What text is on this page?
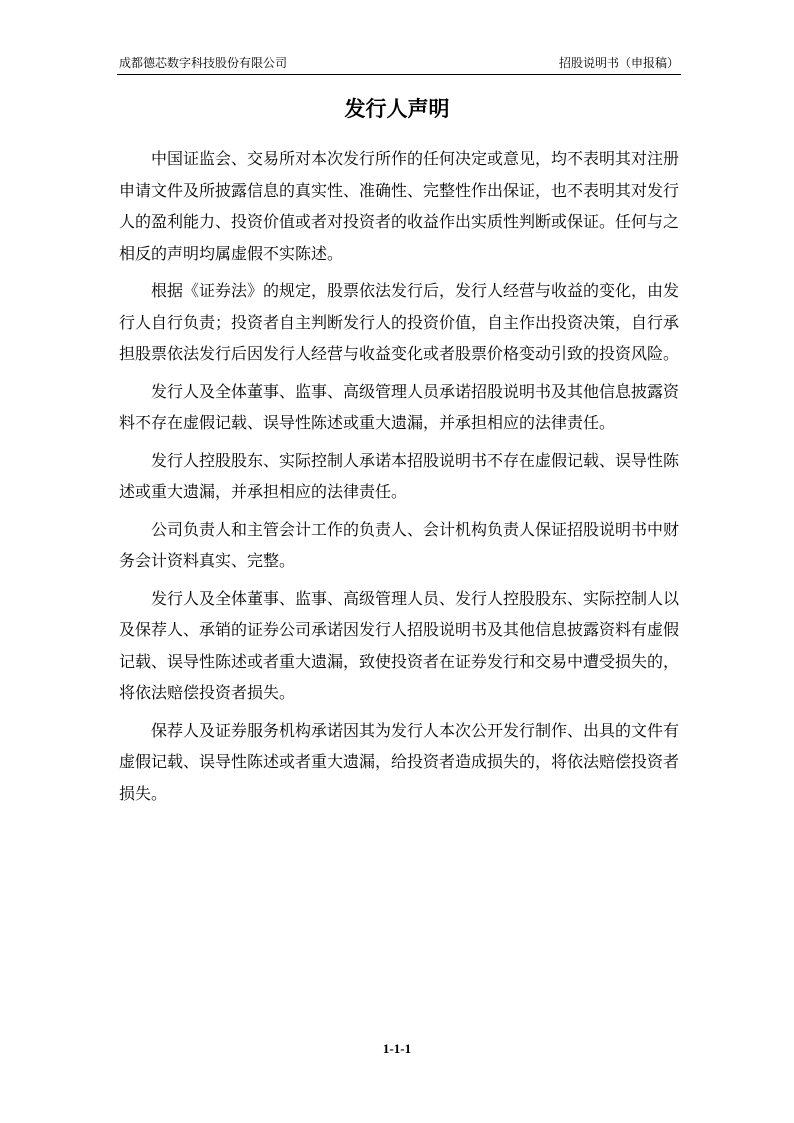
成都德芯数字科技股份有限公司	招股说明书（申报稿）
发行人声明

中国证监会、交易所对本次发行所作的任何决定或意见，均不表明其对注册申请文件及所披露信息的真实性、准确性、完整性作出保证，也不表明其对发行人的盈利能力、投资价值或者对投资者的收益作出实质性判断或保证。任何与之相反的声明均属虚假不实陈述。

根据《证券法》的规定，股票依法发行后，发行人经营与收益的变化，由发行人自行负责；投资者自主判断发行人的投资价值，自主作出投资决策，自行承担股票依法发行后因发行人经营与收益变化或者股票价格变动引致的投资风险。

发行人及全体董事、监事、高级管理人员承诺招股说明书及其他信息披露资料不存在虚假记载、误导性陈述或重大遗漏，并承担相应的法律责任。

发行人控股股东、实际控制人承诺本招股说明书不存在虚假记载、误导性陈述或重大遗漏，并承担相应的法律责任。

公司负责人和主管会计工作的负责人、会计机构负责人保证招股说明书中财务会计资料真实、完整。

发行人及全体董事、监事、高级管理人员、发行人控股股东、实际控制人以及保荐人、承销的证券公司承诺因发行人招股说明书及其他信息披露资料有虚假记载、误导性陈述或者重大遗漏，致使投资者在证券发行和交易中遭受损失的，将依法赔偿投资者损失。

保荐人及证券服务机构承诺因其为发行人本次公开发行制作、出具的文件有虚假记载、误导性陈述或者重大遗漏，给投资者造成损失的，将依法赔偿投资者损失。

1-1-1
